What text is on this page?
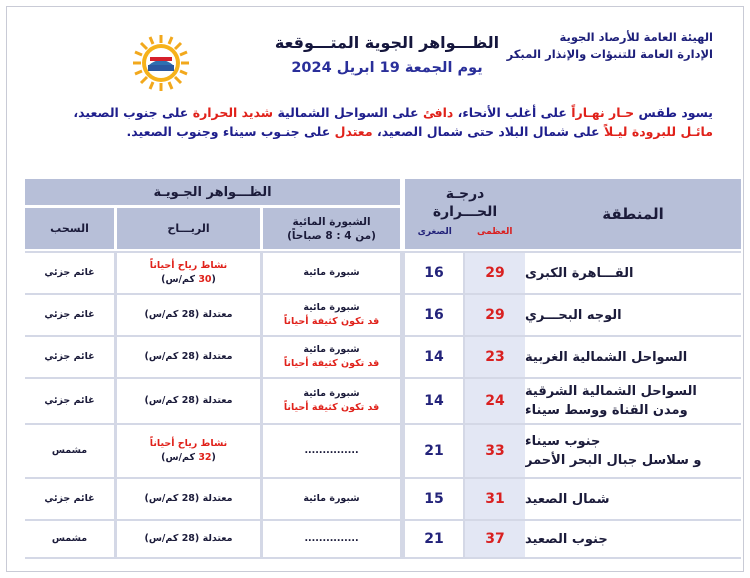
الهيئة العامة للأرصاد الجوية
الإدارة العامة للتنبؤات والإنذار المبكر
الظـــواهر الجوية المتـــوقعة
يوم الجمعة 19 ابريل 2024
يسود طقس حـار نهـاراً على أغلب الأنحاء، دافئ على السواحل الشمالية شديد الحرارة على جنوب الصعيد،
مائـل للبرودة ليـلاً على شمال البلاد حتى شمال الصعيد، معتدل على جنـوب سيناء وجنوب الصعيد.
المنطقة
درجـة
الحـــرارة
العظمى
الصغرى
الظـــواهر الجـويـة
الشبورة المائية
(من 4 : 8 صباحاً)
الريـــاح
السحب
القـــاهرة الكبرى
29
16
شبورة مائية
نشاط رياح أحياناً
(30 كم/س)
غائم جزئي
الوجه البحـــري
29
16
شبورة مائية
قد تكون كثيفة أحياناً
معتدلة (28 كم/س)
غائم جزئي
السواحل الشمالية الغربية
23
14
شبورة مائية
قد تكون كثيفة أحياناً
معتدلة (28 كم/س)
غائم جزئي
السواحل الشمالية الشرقية
ومدن القناة ووسط سيناء
24
14
شبورة مائية
قد تكون كثيفة أحياناً
معتدلة (28 كم/س)
غائم جزئي
جنوب سيناء
و سلاسل جبال البحر الأحمر
33
21
...............
نشاط رياح أحياناً
(32 كم/س)
مشمس
شمال الصعيد
31
15
شبورة مائية
معتدلة (28 كم/س)
غائم جزئي
جنوب الصعيد
37
21
...............
معتدلة (28 كم/س)
مشمس
